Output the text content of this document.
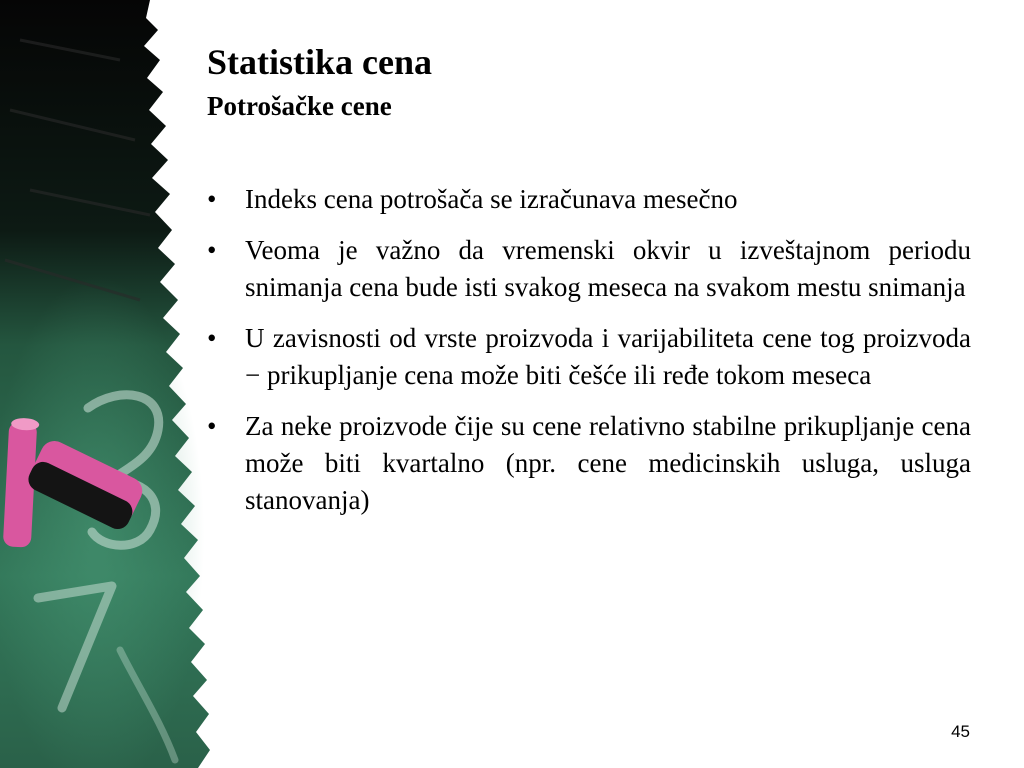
Statistika cena
Potrošačke cene
• Indeks cena potrošača se izračunava mesečno
• Veoma je važno da vremenski okvir u izveštajnom periodu snimanja cena bude isti svakog meseca na svakom mestu snimanja
• U zavisnosti od vrste proizvoda i varijabiliteta cene tog proizvoda − prikupljanje cena može biti češće ili ređe tokom meseca
• Za neke proizvode čije su cene relativno stabilne prikupljanje cena može biti kvartalno (npr. cene medicinskih usluga, usluga stanovanja)
45
